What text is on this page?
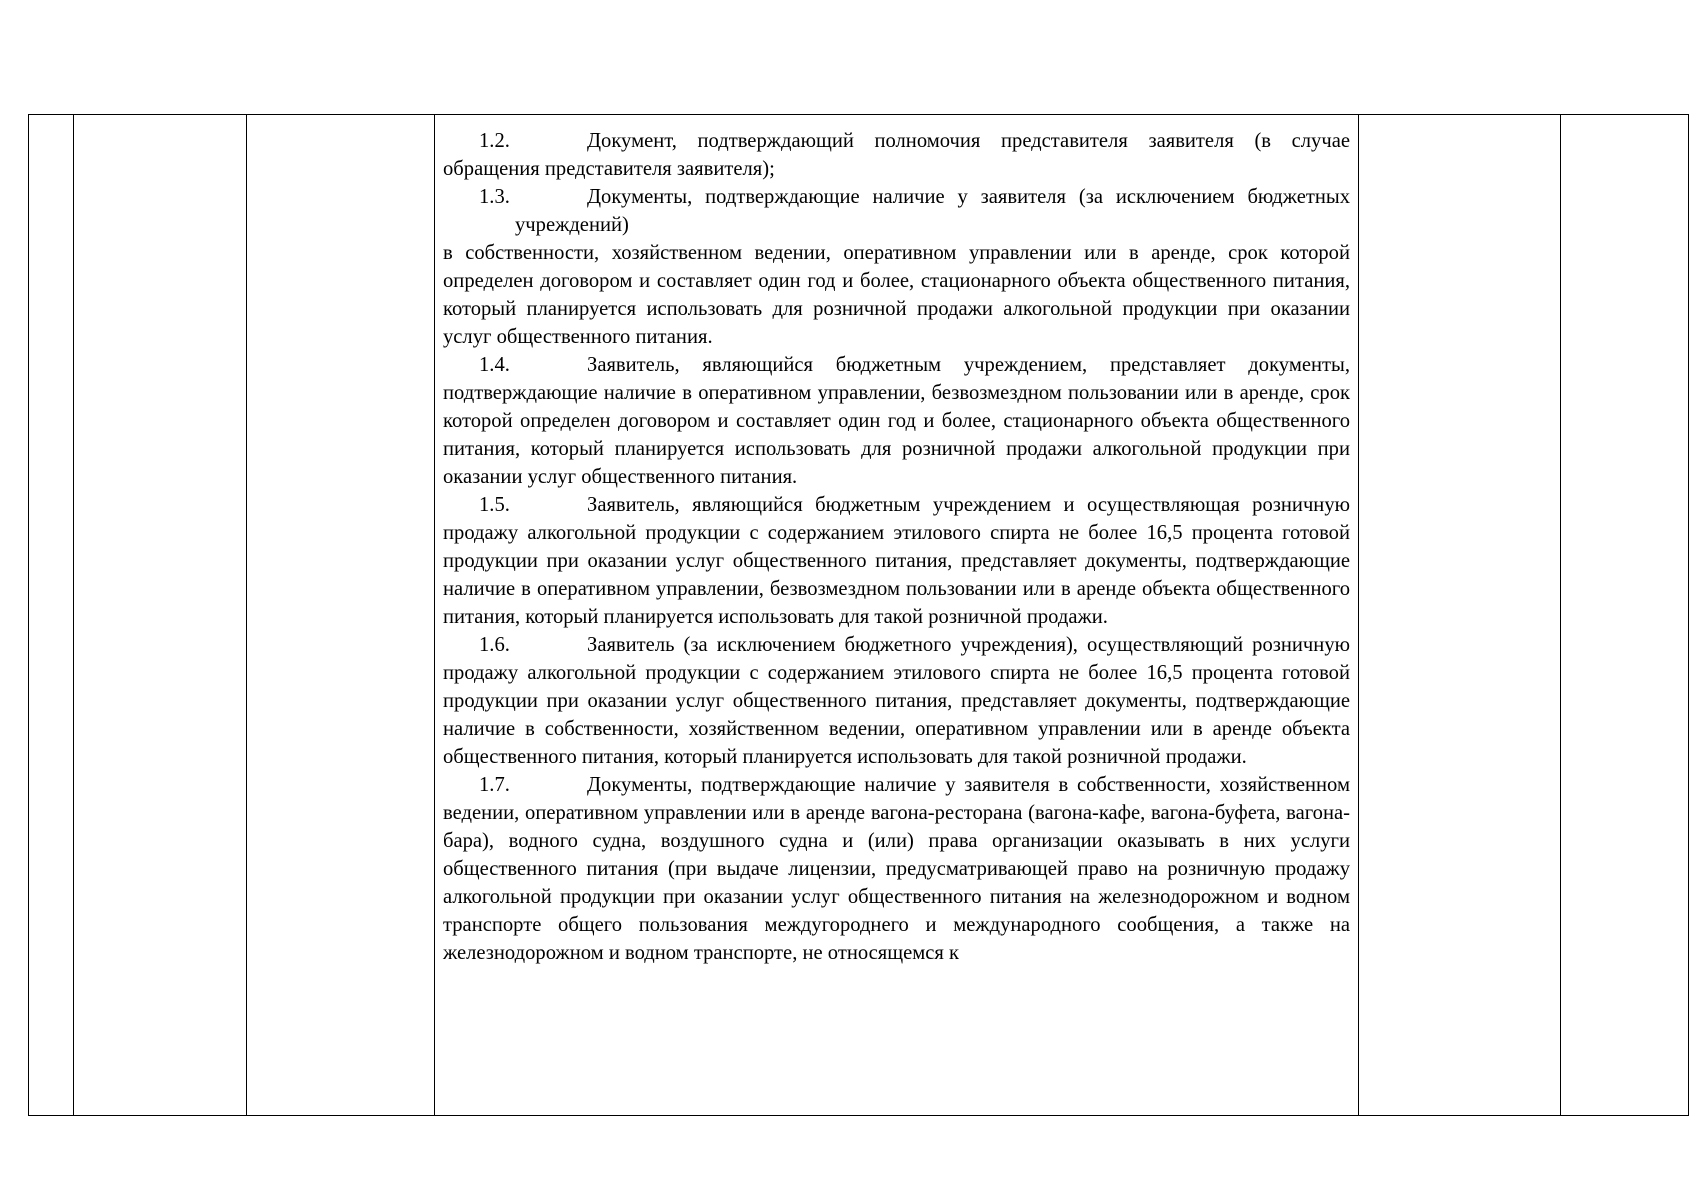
1.2.	Документ, подтверждающий полномочия представителя заявителя (в случае обращения представителя заявителя);

1.3.	Документы, подтверждающие наличие у заявителя (за исключением бюджетных учреждений)

в собственности, хозяйственном ведении, оперативном управлении или в аренде, срок которой определен договором и составляет один год и более, стационарного объекта общественного питания, который планируется использовать для розничной продажи алкогольной продукции при оказании услуг общественного питания.

1.4.	Заявитель, являющийся бюджетным учреждением, представляет документы, подтверждающие наличие в оперативном управлении, безвозмездном пользовании или в аренде, срок которой определен договором и составляет один год и более, стационарного объекта общественного питания, который планируется использовать для розничной продажи алкогольной продукции при оказании услуг общественного питания.

1.5.	Заявитель, являющийся бюджетным учреждением и осуществляющая розничную продажу алкогольной продукции с содержанием этилового спирта не более 16,5 процента готовой продукции при оказании услуг общественного питания, представляет документы, подтверждающие наличие в оперативном управлении, безвозмездном пользовании или в аренде объекта общественного питания, который планируется использовать для такой розничной продажи.

1.6.	Заявитель (за исключением бюджетного учреждения), осуществляющий розничную продажу алкогольной продукции с содержанием этилового спирта не более 16,5 процента готовой продукции при оказании услуг общественного питания, представляет документы, подтверждающие наличие в собственности, хозяйственном ведении, оперативном управлении или в аренде объекта общественного питания, который планируется использовать для такой розничной продажи.

1.7.	Документы, подтверждающие наличие у заявителя в собственности, хозяйственном ведении, оперативном управлении или в аренде вагона-ресторана (вагона-кафе, вагона-буфета, вагона-бара), водного судна, воздушного судна и (или) права организации оказывать в них услуги общественного питания (при выдаче лицензии, предусматривающей право на розничную продажу алкогольной продукции при оказании услуг общественного питания на железнодорожном и водном транспорте общего пользования междугороднего и международного сообщения, а также на железнодорожном и водном транспорте, не относящемся к
